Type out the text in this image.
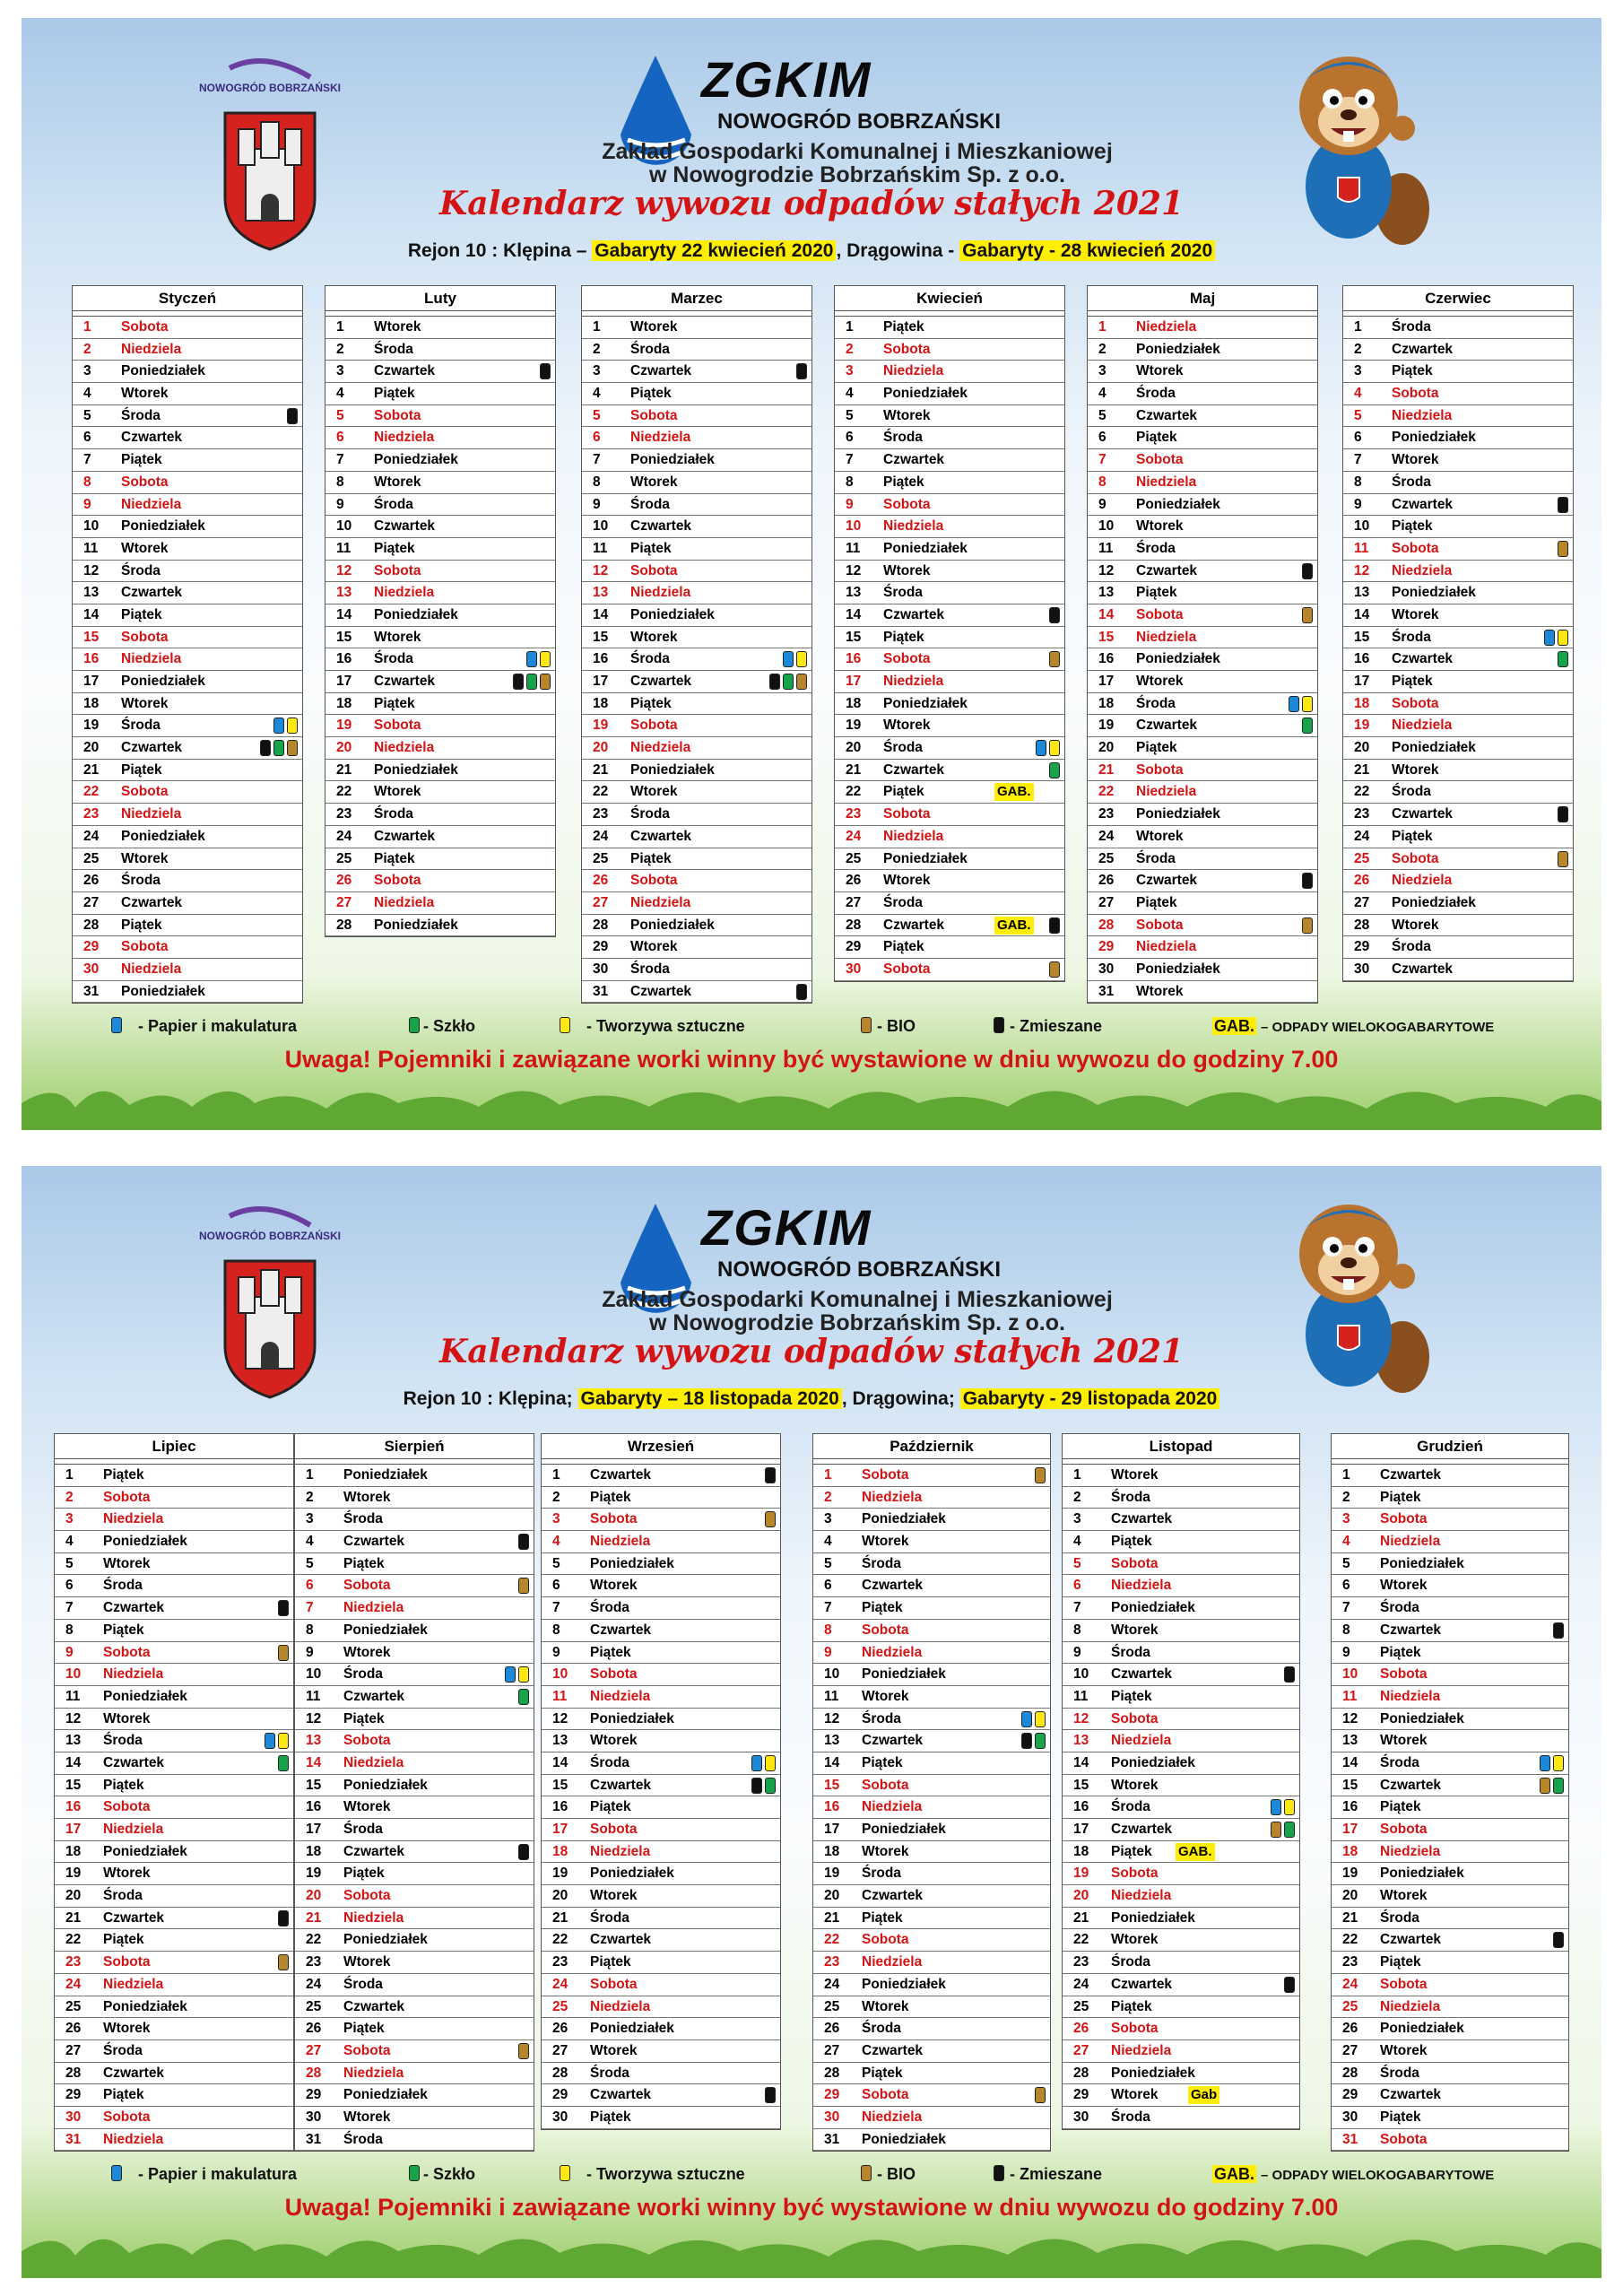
NOWOGRÓD BOBRZAŃSKI	ZGKIM
NOWOGRÓD BOBRZAŃSKI
Zakład Gospodarki Komunalnej i Mieszkaniowej
w Nowogrodzie Bobrzańskim Sp. z o.o.
Kalendarz wywozu odpadów stałych 2021
Rejon 10 : Klępina – Gabaryty 22 kwiecień 2020 , Drągowina - Gabaryty - 28 kwiecień 2020
Styczeń
1 Sobota
2 Niedziela
3 Poniedziałek
4 Wtorek
5 Środa
6 Czwartek
7 Piątek
8 Sobota
9 Niedziela
10 Poniedziałek
11 Wtorek
12 Środa
13 Czwartek
14 Piątek
15 Sobota
16 Niedziela
17 Poniedziałek
18 Wtorek
19 Środa
20 Czwartek
21 Piątek
22 Sobota
23 Niedziela
24 Poniedziałek
25 Wtorek
26 Środa
27 Czwartek
28 Piątek
29 Sobota
30 Niedziela
31 Poniedziałek
Luty
1 Wtorek
2 Środa
3 Czwartek
4 Piątek
5 Sobota
6 Niedziela
7 Poniedziałek
8 Wtorek
9 Środa
10 Czwartek
11 Piątek
12 Sobota
13 Niedziela
14 Poniedziałek
15 Wtorek
16 Środa
17 Czwartek
18 Piątek
19 Sobota
20 Niedziela
21 Poniedziałek
22 Wtorek
23 Środa
24 Czwartek
25 Piątek
26 Sobota
27 Niedziela
28 Poniedziałek
Marzec
1 Wtorek
2 Środa
3 Czwartek
4 Piątek
5 Sobota
6 Niedziela
7 Poniedziałek
8 Wtorek
9 Środa
10 Czwartek
11 Piątek
12 Sobota
13 Niedziela
14 Poniedziałek
15 Wtorek
16 Środa
17 Czwartek
18 Piątek
19 Sobota
20 Niedziela
21 Poniedziałek
22 Wtorek
23 Środa
24 Czwartek
25 Piątek
26 Sobota
27 Niedziela
28 Poniedziałek
29 Wtorek
30 Środa
31 Czwartek
Kwiecień
1 Piątek
2 Sobota
3 Niedziela
4 Poniedziałek
5 Wtorek
6 Środa
7 Czwartek
8 Piątek
9 Sobota
10 Niedziela
11 Poniedziałek
12 Wtorek
13 Środa
14 Czwartek
15 Piątek
16 Sobota
17 Niedziela
18 Poniedziałek
19 Wtorek
20 Środa
21 Czwartek
22 Piątek	GAB.
23 Sobota
24 Niedziela
25 Poniedziałek
26 Wtorek
27 Środa
28 Czwartek	GAB.
29 Piątek
30 Sobota
Maj
1 Niedziela
2 Poniedziałek
3 Wtorek
4 Środa
5 Czwartek
6 Piątek
7 Sobota
8 Niedziela
9 Poniedziałek
10 Wtorek
11 Środa
12 Czwartek
13 Piątek
14 Sobota
15 Niedziela
16 Poniedziałek
17 Wtorek
18 Środa
19 Czwartek
20 Piątek
21 Sobota
22 Niedziela
23 Poniedziałek
24 Wtorek
25 Środa
26 Czwartek
27 Piątek
28 Sobota
29 Niedziela
30 Poniedziałek
31 Wtorek
Czerwiec
1 Środa
2 Czwartek
3 Piątek
4 Sobota
5 Niedziela
6 Poniedziałek
7 Wtorek
8 Środa
9 Czwartek
10 Piątek
11 Sobota
12 Niedziela
13 Poniedziałek
14 Wtorek
15 Środa
16 Czwartek
17 Piątek
18 Sobota
19 Niedziela
20 Poniedziałek
21 Wtorek
22 Środa
23 Czwartek
24 Piątek
25 Sobota
26 Niedziela
27 Poniedziałek
28 Wtorek
29 Środa
30 Czwartek
- Papier i makulatura	- Szkło	- Tworzywa sztuczne	- BIO	- Zmieszane	GAB. – ODPADY WIELOKOGABARYTOWE
Uwaga! Pojemniki i zawiązane worki winny być wystawione w dniu wywozu do godziny 7.00
NOWOGRÓD BOBRZAŃSKI	ZGKIM
NOWOGRÓD BOBRZAŃSKI
Zakład Gospodarki Komunalnej i Mieszkaniowej
w Nowogrodzie Bobrzańskim Sp. z o.o.
Kalendarz wywozu odpadów stałych 2021
Rejon 10 : Klępina; Gabaryty – 18 listopada 2020 , Drągowina; Gabaryty - 29 listopada 2020
Lipiec
1 Piątek
2 Sobota
3 Niedziela
4 Poniedziałek
5 Wtorek
6 Środa
7 Czwartek
8 Piątek
9 Sobota
10 Niedziela
11 Poniedziałek
12 Wtorek
13 Środa
14 Czwartek
15 Piątek
16 Sobota
17 Niedziela
18 Poniedziałek
19 Wtorek
20 Środa
21 Czwartek
22 Piątek
23 Sobota
24 Niedziela
25 Poniedziałek
26 Wtorek
27 Środa
28 Czwartek
29 Piątek
30 Sobota
31 Niedziela
Sierpień
1 Poniedziałek
2 Wtorek
3 Środa
4 Czwartek
5 Piątek
6 Sobota
7 Niedziela
8 Poniedziałek
9 Wtorek
10 Środa
11 Czwartek
12 Piątek
13 Sobota
14 Niedziela
15 Poniedziałek
16 Wtorek
17 Środa
18 Czwartek
19 Piątek
20 Sobota
21 Niedziela
22 Poniedziałek
23 Wtorek
24 Środa
25 Czwartek
26 Piątek
27 Sobota
28 Niedziela
29 Poniedziałek
30 Wtorek
31 Środa
Wrzesień
1 Czwartek
2 Piątek
3 Sobota
4 Niedziela
5 Poniedziałek
6 Wtorek
7 Środa
8 Czwartek
9 Piątek
10 Sobota
11 Niedziela
12 Poniedziałek
13 Wtorek
14 Środa
15 Czwartek
16 Piątek
17 Sobota
18 Niedziela
19 Poniedziałek
20 Wtorek
21 Środa
22 Czwartek
23 Piątek
24 Sobota
25 Niedziela
26 Poniedziałek
27 Wtorek
28 Środa
29 Czwartek
30 Piątek
Październik
1 Sobota
2 Niedziela
3 Poniedziałek
4 Wtorek
5 Środa
6 Czwartek
7 Piątek
8 Sobota
9 Niedziela
10 Poniedziałek
11 Wtorek
12 Środa
13 Czwartek
14 Piątek
15 Sobota
16 Niedziela
17 Poniedziałek
18 Wtorek
19 Środa
20 Czwartek
21 Piątek
22 Sobota
23 Niedziela
24 Poniedziałek
25 Wtorek
26 Środa
27 Czwartek
28 Piątek
29 Sobota
30 Niedziela
31 Poniedziałek
Listopad
1 Wtorek
2 Środa
3 Czwartek
4 Piątek
5 Sobota
6 Niedziela
7 Poniedziałek
8 Wtorek
9 Środa
10 Czwartek
11 Piątek
12 Sobota
13 Niedziela
14 Poniedziałek
15 Wtorek
16 Środa
17 Czwartek
18 Piątek GAB.
19 Sobota
20 Niedziela
21 Poniedziałek
22 Wtorek
23 Środa
24 Czwartek
25 Piątek
26 Sobota
27 Niedziela
28 Poniedziałek
29 Wtorek Gab
30 Środa
Grudzień
1 Czwartek
2 Piątek
3 Sobota
4 Niedziela
5 Poniedziałek
6 Wtorek
7 Środa
8 Czwartek
9 Piątek
10 Sobota
11 Niedziela
12 Poniedziałek
13 Wtorek
14 Środa
15 Czwartek
16 Piątek
17 Sobota
18 Niedziela
19 Poniedziałek
20 Wtorek
21 Środa
22 Czwartek
23 Piątek
24 Sobota
25 Niedziela
26 Poniedziałek
27 Wtorek
28 Środa
29 Czwartek
30 Piątek
31 Sobota
- Papier i makulatura	- Szkło	- Tworzywa sztuczne	- BIO	- Zmieszane	GAB. – ODPADY WIELOKOGABARYTOWE
Uwaga! Pojemniki i zawiązane worki winny być wystawione w dniu wywozu do godziny 7.00
